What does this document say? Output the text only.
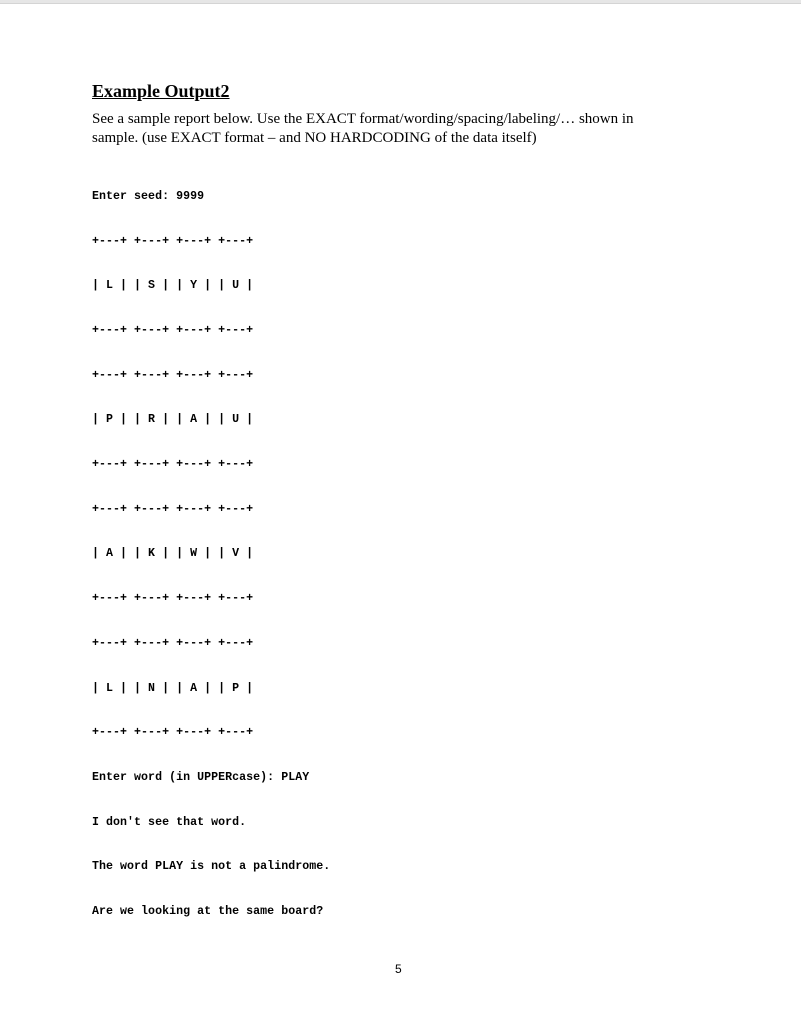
Example Output2
See a sample report below. Use the EXACT format/wording/spacing/labeling/… shown in
sample. (use EXACT format – and NO HARDCODING of the data itself)

Enter seed: 9999

+---+ +---+ +---+ +---+

| L | | S | | Y | | U |

+---+ +---+ +---+ +---+

+---+ +---+ +---+ +---+

| P | | R | | A | | U |

+---+ +---+ +---+ +---+

+---+ +---+ +---+ +---+

| A | | K | | W | | V |

+---+ +---+ +---+ +---+

+---+ +---+ +---+ +---+

| L | | N | | A | | P |

+---+ +---+ +---+ +---+

Enter word (in UPPERcase): PLAY

I don't see that word.

The word PLAY is not a palindrome.

Are we looking at the same board?

5
